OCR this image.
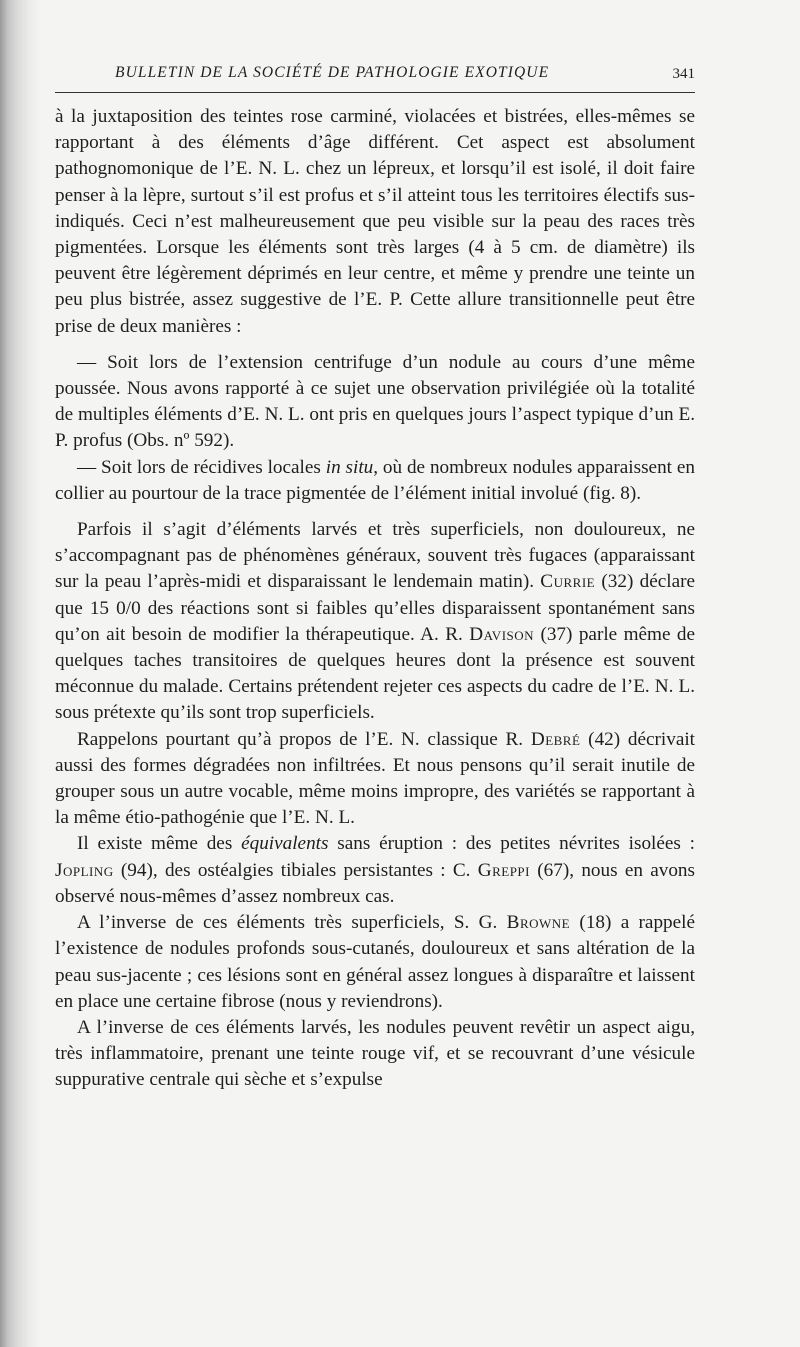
BULLETIN DE LA SOCIÉTÉ DE PATHOLOGIE EXOTIQUE	341

à la juxtaposition des teintes rose carminé, violacées et bistrées, elles-mêmes se rapportant à des éléments d’âge différent. Cet aspect est absolument pathognomonique de l’E. N. L. chez un lépreux, et lorsqu’il est isolé, il doit faire penser à la lèpre, surtout s’il est profus et s’il atteint tous les territoires électifs sus-indiqués. Ceci n’est malheureusement que peu visible sur la peau des races très pigmentées. Lorsque les éléments sont très larges (4 à 5 cm. de diamètre) ils peuvent être légèrement déprimés en leur centre, et même y prendre une teinte un peu plus bistrée, assez suggestive de l’E. P. Cette allure transitionnelle peut être prise de deux manières :

— Soit lors de l’extension centrifuge d’un nodule au cours d’une même poussée. Nous avons rapporté à ce sujet une observation privilégiée où la totalité de multiples éléments d’E. N. L. ont pris en quelques jours l’aspect typique d’un E. P. profus (Obs. nº 592).

— Soit lors de récidives locales in situ, où de nombreux nodules apparaissent en collier au pourtour de la trace pigmentée de l’élément initial involué (fig. 8).

Parfois il s’agit d’éléments larvés et très superficiels, non douloureux, ne s’accompagnant pas de phénomènes généraux, souvent très fugaces (apparaissant sur la peau l’après-midi et disparaissant le lendemain matin). Currie (32) déclare que 15 0/0 des réactions sont si faibles qu’elles disparaissent spontanément sans qu’on ait besoin de modifier la thérapeutique. A. R. Davison (37) parle même de quelques taches transitoires de quelques heures dont la présence est souvent méconnue du malade. Certains prétendent rejeter ces aspects du cadre de l’E. N. L. sous prétexte qu’ils sont trop superficiels.

Rappelons pourtant qu’à propos de l’E. N. classique R. Debré (42) décrivait aussi des formes dégradées non infiltrées. Et nous pensons qu’il serait inutile de grouper sous un autre vocable, même moins impropre, des variétés se rapportant à la même étio-pathogénie que l’E. N. L.

Il existe même des équivalents sans éruption : des petites névrites isolées : Jopling (94), des ostéalgies tibiales persistantes : C. Greppi (67), nous en avons observé nous-mêmes d’assez nombreux cas.

A l’inverse de ces éléments très superficiels, S. G. Browne (18) a rappelé l’existence de nodules profonds sous-cutanés, douloureux et sans altération de la peau sus-jacente ; ces lésions sont en général assez longues à disparaître et laissent en place une certaine fibrose (nous y reviendrons).

A l’inverse de ces éléments larvés, les nodules peuvent revêtir un aspect aigu, très inflammatoire, prenant une teinte rouge vif, et se recouvrant d’une vésicule suppurative centrale qui sèche et s’expulse
